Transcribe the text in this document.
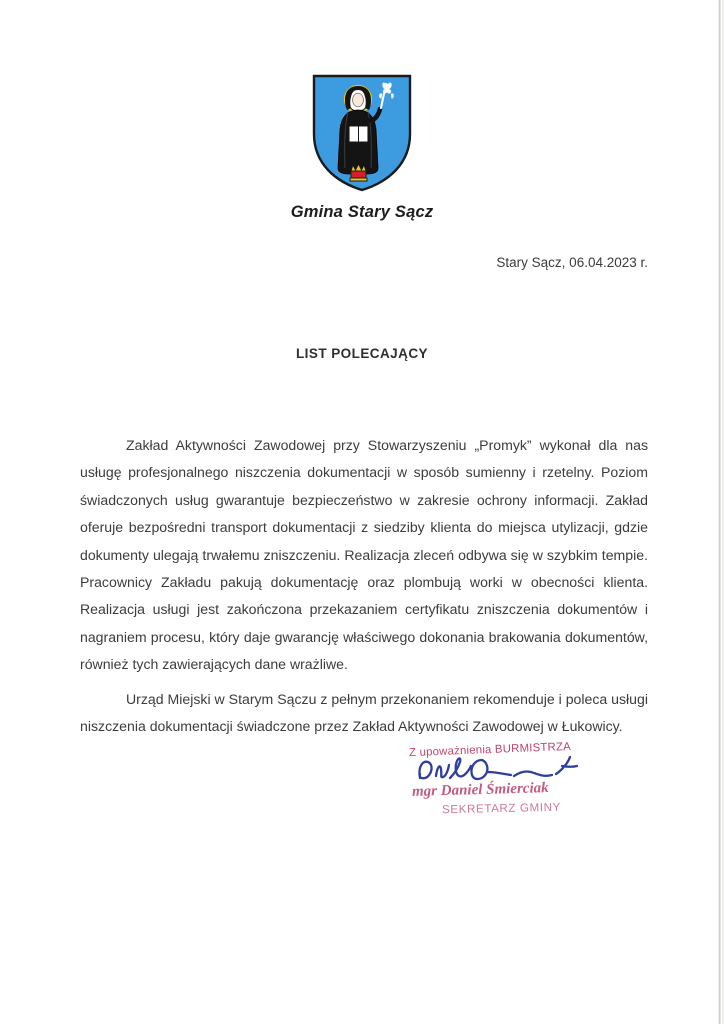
Gmina Stary Sącz
Stary Sącz, 06.04.2023 r.
LIST POLECAJĄCY

Zakład Aktywności Zawodowej przy Stowarzyszeniu „Promyk” wykonał dla nas usługę profesjonalnego niszczenia dokumentacji w sposób sumienny i rzetelny. Poziom świadczonych usług gwarantuje bezpieczeństwo w zakresie ochrony informacji. Zakład oferuje bezpośredni transport dokumentacji z siedziby klienta do miejsca utylizacji, gdzie dokumenty ulegają trwałemu zniszczeniu. Realizacja zleceń odbywa się w szybkim tempie. Pracownicy Zakładu pakują dokumentację oraz plombują worki w obecności klienta. Realizacja usługi jest zakończona przekazaniem certyfikatu zniszczenia dokumentów i nagraniem procesu, który daje gwarancję właściwego dokonania brakowania dokumentów, również tych zawierających dane wrażliwe.

Urząd Miejski w Starym Sączu z pełnym przekonaniem rekomenduje i poleca usługi niszczenia dokumentacji świadczone przez Zakład Aktywności Zawodowej w Łukowicy.

Z upoważnienia BURMISTRZA
mgr Daniel Śmierciak
SEKRETARZ GMINY
